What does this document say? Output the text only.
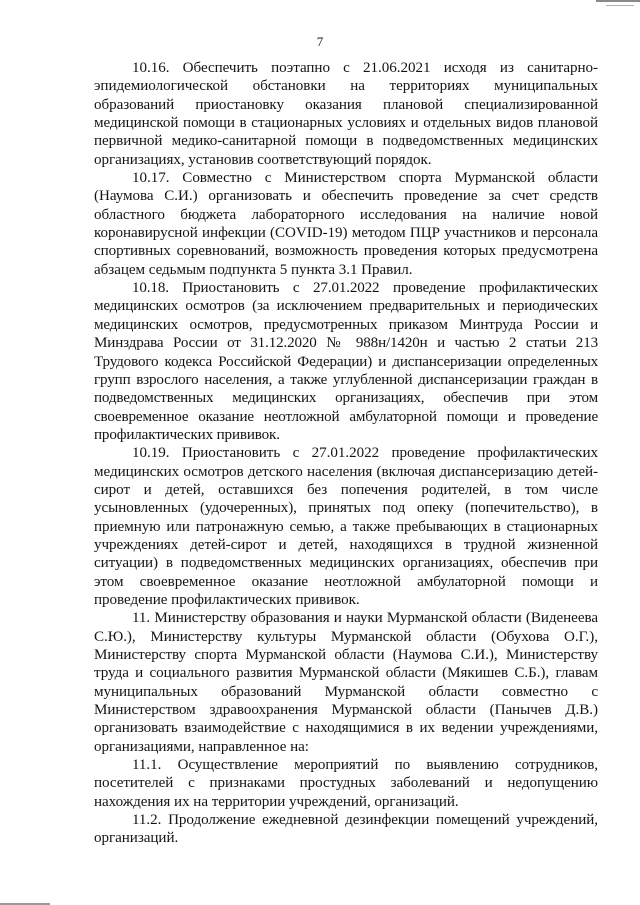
7

10.16. Обеспечить поэтапно с 21.06.2021 исходя из санитарно-эпидемиологической обстановки на территориях муниципальных образований приостановку оказания плановой специализированной медицинской помощи в стационарных условиях и отдельных видов плановой первичной медико-санитарной помощи в подведомственных медицинских организациях, установив соответствующий порядок.

10.17. Совместно с Министерством спорта Мурманской области (Наумова С.И.) организовать и обеспечить проведение за счет средств областного бюджета лабораторного исследования на наличие новой коронавирусной инфекции (COVID-19) методом ПЦР участников и персонала спортивных соревнований, возможность проведения которых предусмотрена абзацем седьмым подпункта 5 пункта 3.1 Правил.

10.18. Приостановить с 27.01.2022 проведение профилактических медицинских осмотров (за исключением предварительных и периодических медицинских осмотров, предусмотренных приказом Минтруда России и Минздрава России от 31.12.2020 № 988н/1420н и частью 2 статьи 213 Трудового кодекса Российской Федерации) и диспансеризации определенных групп взрослого населения, а также углубленной диспансеризации граждан в подведомственных медицинских организациях, обеспечив при этом своевременное оказание неотложной амбулаторной помощи и проведение профилактических прививок.

10.19. Приостановить с 27.01.2022 проведение профилактических медицинских осмотров детского населения (включая диспансеризацию детей-сирот и детей, оставшихся без попечения родителей, в том числе усыновленных (удочеренных), принятых под опеку (попечительство), в приемную или патронажную семью, а также пребывающих в стационарных учреждениях детей-сирот и детей, находящихся в трудной жизненной ситуации) в подведомственных медицинских организациях, обеспечив при этом своевременное оказание неотложной амбулаторной помощи и проведение профилактических прививок.

11. Министерству образования и науки Мурманской области (Виденеева С.Ю.), Министерству культуры Мурманской области (Обухова О.Г.), Министерству спорта Мурманской области (Наумова С.И.), Министерству труда и социального развития Мурманской области (Мякишев С.Б.), главам муниципальных образований Мурманской области совместно с Министерством здравоохранения Мурманской области (Панычев Д.В.) организовать взаимодействие с находящимися в их ведении учреждениями, организациями, направленное на:

11.1. Осуществление мероприятий по выявлению сотрудников, посетителей с признаками простудных заболеваний и недопущению нахождения их на территории учреждений, организаций.

11.2. Продолжение ежедневной дезинфекции помещений учреждений, организаций.
